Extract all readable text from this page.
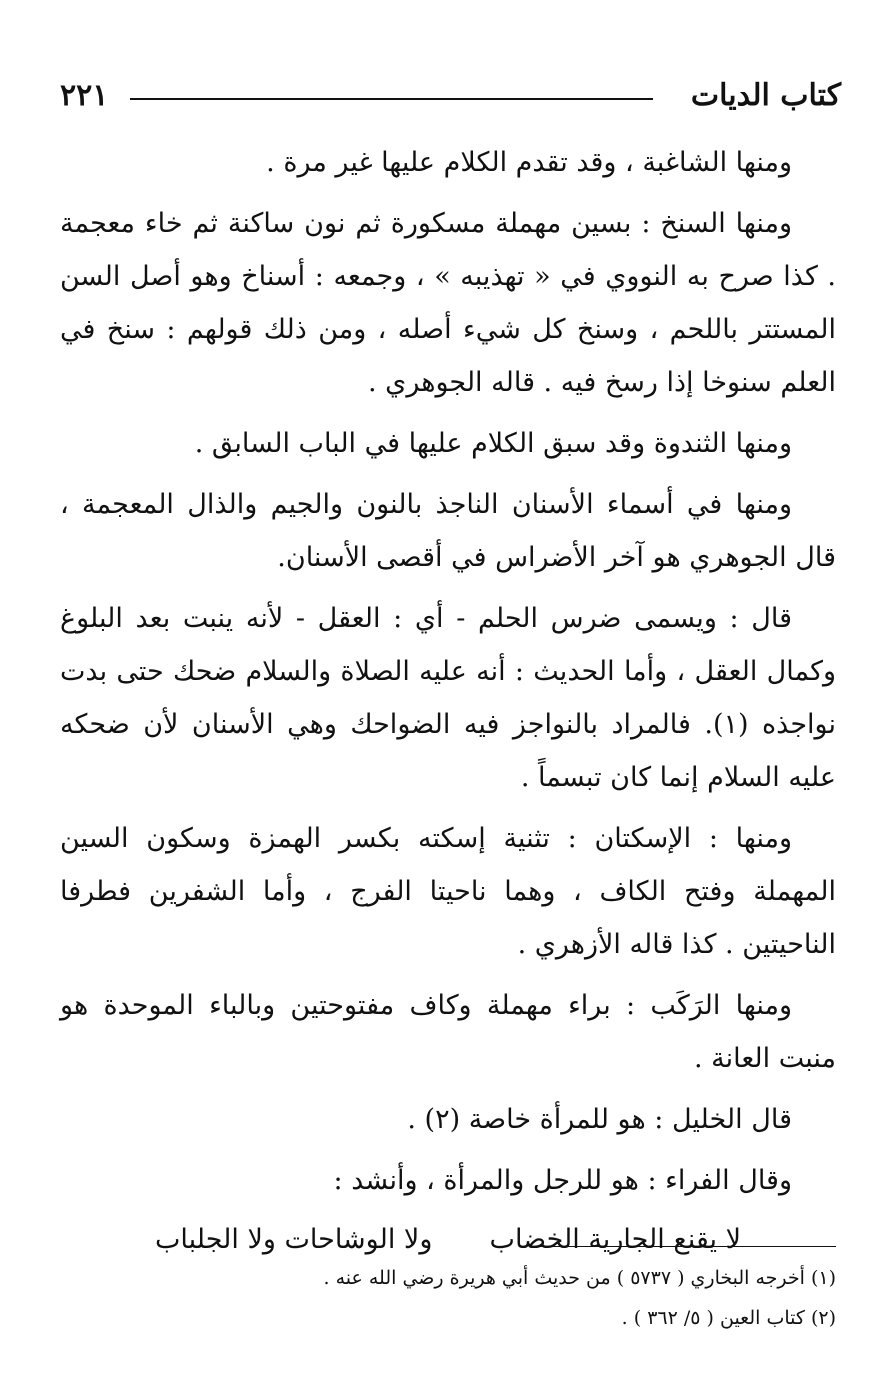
كتاب الديات
٢٢١

ومنها الشاغبة ، وقد تقدم الكلام عليها غير مرة .

ومنها السنخ : بسين مهملة مسكورة ثم نون ساكنة ثم خاء معجمة . كذا صرح به النووي في « تهذيبه » ، وجمعه : أسناخ وهو أصل السن المستتر باللحم ، وسنخ كل شيء أصله ، ومن ذلك قولهم : سنخ في العلم سنوخا إذا رسخ فيه . قاله الجوهري .

ومنها الثندوة وقد سبق الكلام عليها في الباب السابق .

ومنها في أسماء الأسنان الناجذ بالنون والجيم والذال المعجمة ، قال الجوهري هو آخر الأضراس في أقصى الأسنان.

قال : ويسمى ضرس الحلم - أي : العقل - لأنه ينبت بعد البلوغ وكمال العقل ، وأما الحديث : أنه عليه الصلاة والسلام ضحك حتى بدت نواجذه (١). فالمراد بالنواجز فيه الضواحك وهي الأسنان لأن ضحكه عليه السلام إنما كان تبسماً .

ومنها : الإسكتان : تثنية إسكته بكسر الهمزة وسكون السين المهملة وفتح الكاف ، وهما ناحيتا الفرج ، وأما الشفرين فطرفا الناحيتين . كذا قاله الأزهري .

ومنها الرَكَب : براء مهملة وكاف مفتوحتين وبالباء الموحدة هو منبت العانة .

قال الخليل : هو للمرأة خاصة (٢) .

وقال الفراء : هو للرجل والمرأة ، وأنشد :

لا يقنع الجارية الخضاب
ولا الوشاحات ولا الجلباب

(١) أخرجه البخاري ( ٥٧٣٧ ) من حديث أبي هريرة رضي الله عنه .

(٢) كتاب العين ( ٥/ ٣٦٢ ) .
